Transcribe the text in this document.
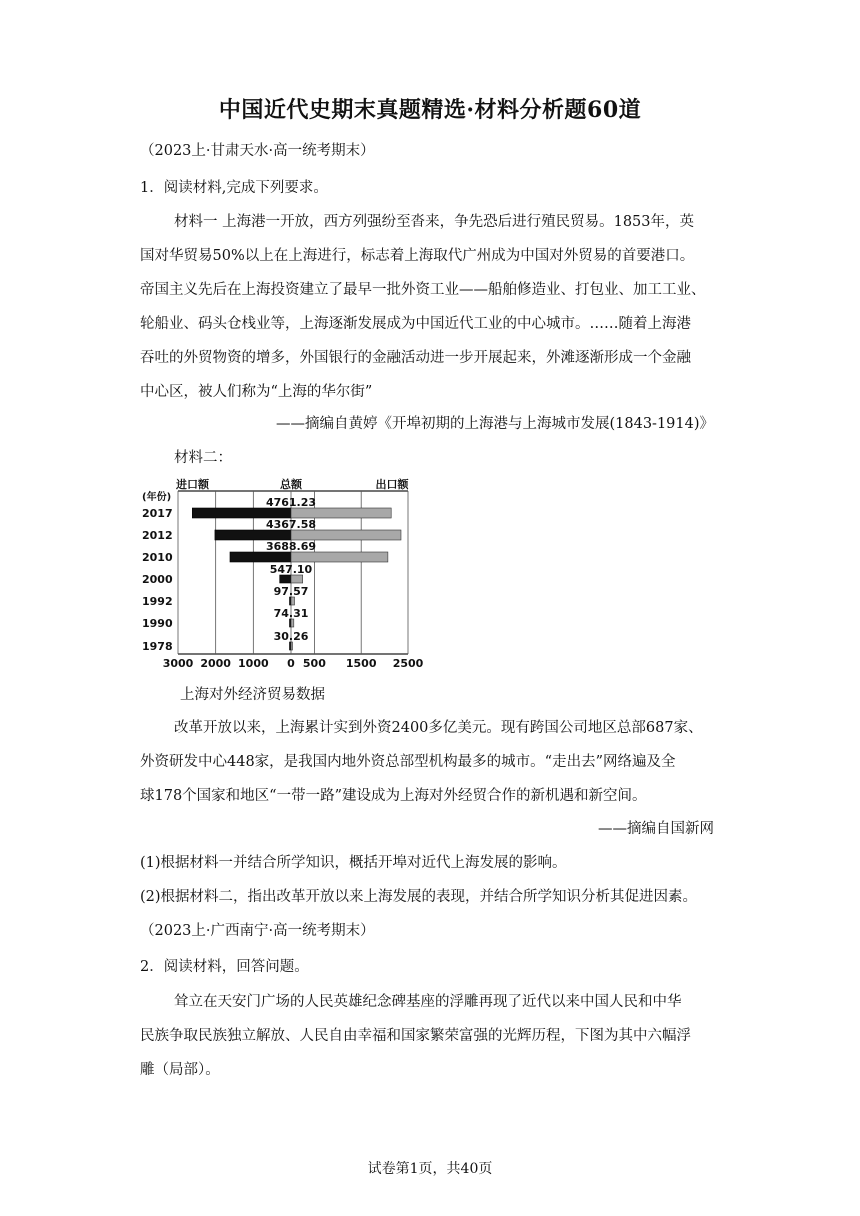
中国近代史期末真题精选·材料分析题60道
（2023上·甘肃天水·高一统考期末）
1．阅读材料,完成下列要求。
材料一 上海港一开放，西方列强纷至沓来，争先恐后进行殖民贸易。1853年，英
国对华贸易50%以上在上海进行，标志着上海取代广州成为中国对外贸易的首要港口。
帝国主义先后在上海投资建立了最早一批外资工业——船舶修造业、打包业、加工工业、
轮船业、码头仓栈业等，上海逐渐发展成为中国近代工业的中心城市。……随着上海港
吞吐的外贸物资的增多，外国银行的金融活动进一步开展起来，外滩逐渐形成一个金融
中心区，被人们称为“上海的华尔街”
——摘编自黄婷《开埠初期的上海港与上海城市发展(1843-1914)》
材料二：
3000 2000 1000 0 500 1500 2500
进口额	总额	出口额
(年份)
2017
4761.23
2012
4367.58
2010
3688.69
2000
547.10
1992
97.57
1990
74.31
1978
30.26
上海对外经济贸易数据
改革开放以来，上海累计实到外资2400多亿美元。现有跨国公司地区总部687家、
外资研发中心448家，是我国内地外资总部型机构最多的城市。“走出去”网络遍及全
球178个国家和地区“一带一路”建设成为上海对外经贸合作的新机遇和新空间。
——摘编自国新网
(1)根据材料一并结合所学知识，概括开埠对近代上海发展的影响。
(2)根据材料二，指出改革开放以来上海发展的表现，并结合所学知识分析其促进因素。
（2023上·广西南宁·高一统考期末）
2．阅读材料，回答问题。
耸立在天安门广场的人民英雄纪念碑基座的浮雕再现了近代以来中国人民和中华
民族争取民族独立解放、人民自由幸福和国家繁荣富强的光辉历程，下图为其中六幅浮
雕（局部）。
试卷第1页，共40页
